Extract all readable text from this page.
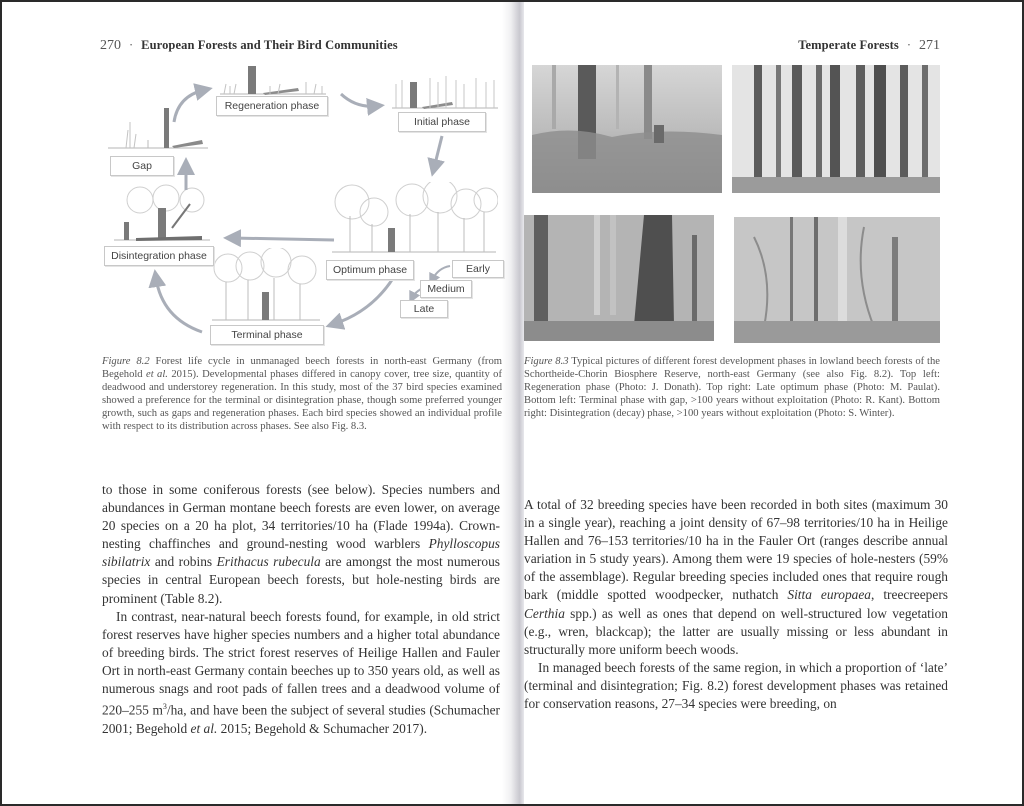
270 · European Forests and Their Bird Communities
Regeneration phase
Initial phase
Gap
Disintegration phase
Optimum phase	Early
Medium
Late
Terminal phase
Figure 8.2 Forest life cycle in unmanaged beech forests in north-east Germany (from Begehold et al. 2015). Developmental phases differed in canopy cover, tree size, quantity of deadwood and understorey regeneration. In this study, most of the 37 bird species examined showed a preference for the terminal or disintegration phase, though some preferred younger growth, such as gaps and regeneration phases. Each bird species showed an individual profile with respect to its distribution across phases. See also Fig. 8.3.

to those in some coniferous forests (see below). Species numbers and abundances in German montane beech forests are even lower, on average 20 species on a 20 ha plot, 34 territories/10 ha (Flade 1994a). Crown-nesting chaffinches and ground-nesting wood warblers Phylloscopus sibilatrix and robins Erithacus rubecula are amongst the most numerous species in central European beech forests, but hole-nesting birds are prominent (Table 8.2).

In contrast, near-natural beech forests found, for example, in old strict forest reserves have higher species numbers and a higher total abundance of breeding birds. The strict forest reserves of Heilige Hallen and Fauler Ort in north-east Germany contain beeches up to 350 years old, as well as numerous snags and root pads of fallen trees and a deadwood volume of 220–255 $m^3/ha$, and have been the subject of several studies (Schumacher 2001; Begehold et al. 2015; Begehold & Schumacher 2017).

Temperate Forests · 271
Figure 8.3 Typical pictures of different forest development phases in lowland beech forests of the Schortheide-Chorin Biosphere Reserve, north-east Germany (see also Fig. 8.2). Top left: Regeneration phase (Photo: J. Donath). Top right: Late optimum phase (Photo: M. Paulat). Bottom left: Terminal phase with gap, >100 years without exploitation (Photo: R. Kant). Bottom right: Disintegration (decay) phase, >100 years without exploitation (Photo: S. Winter).

A total of 32 breeding species have been recorded in both sites (maximum 30 in a single year), reaching a joint density of 67–98 territories/10 ha in Heilige Hallen and 76–153 territories/10 ha in the Fauler Ort (ranges describe annual variation in 5 study years). Among them were 19 species of hole-nesters (59% of the assemblage). Regular breeding species included ones that require rough bark (middle spotted woodpecker, nuthatch Sitta europaea, treecreepers Certhia spp.) as well as ones that depend on well-structured low vegetation (e.g., wren, blackcap); the latter are usually missing or less abundant in structurally more uniform beech woods.

In managed beech forests of the same region, in which a proportion of ‘late’ (terminal and disintegration; Fig. 8.2) forest development phases was retained for conservation reasons, 27–34 species were breeding, on
